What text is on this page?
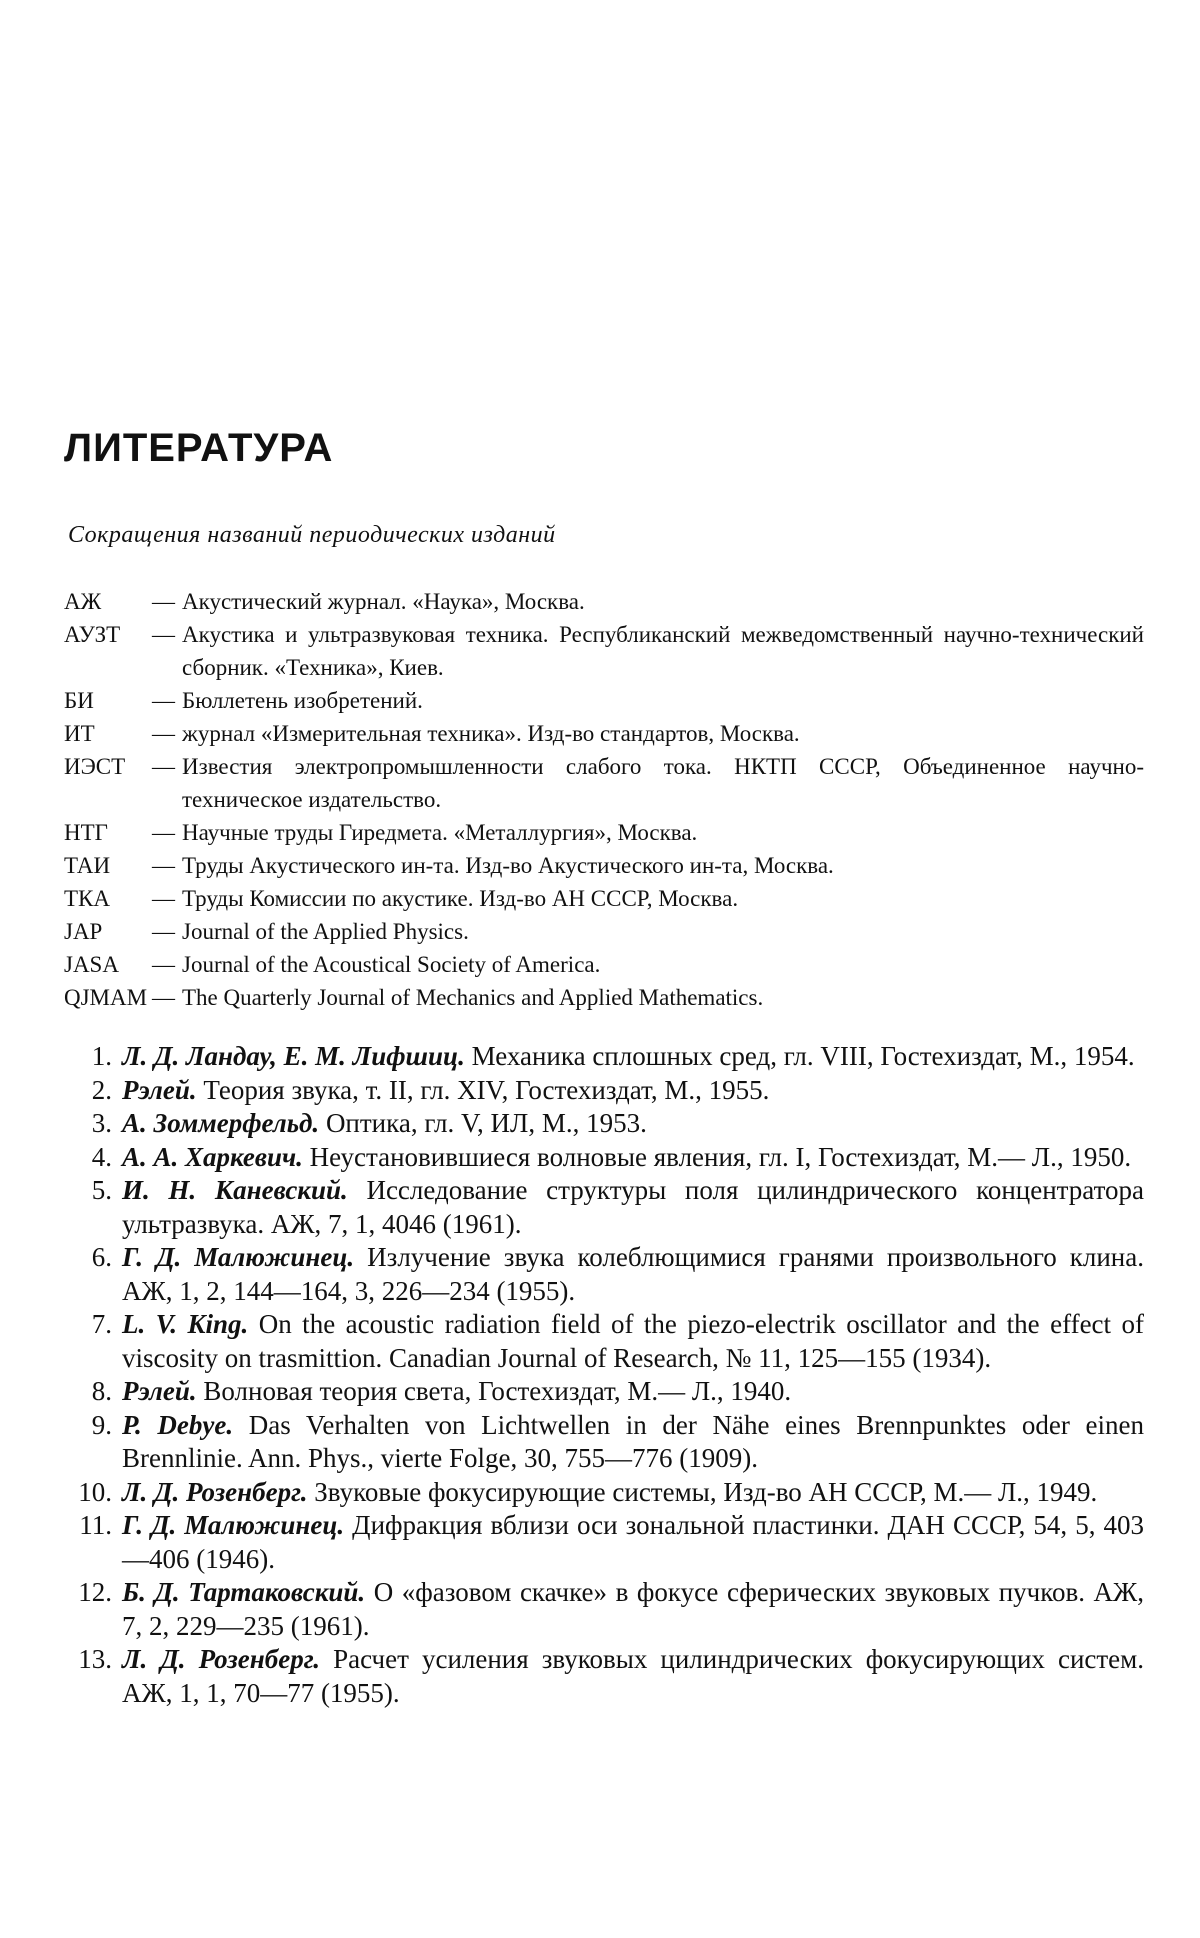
ЛИТЕРАТУРА

Сокращения названий периодических изданий

АЖ	— Акустический журнал. «Наука», Москва.
АУЗТ	— Акустика и ультразвуковая техника. Республиканский межведомственный научно-технический сборник. «Техника», Киев.
БИ	— Бюллетень изобретений.
ИТ	— журнал «Измерительная техника». Изд-во стандартов, Москва.
ИЭСТ	— Известия электропромышленности слабого тока. НКТП СССР, Объединенное научно-техническое издательство.
НТГ	— Научные труды Гиредмета. «Металлургия», Москва.
ТАИ	— Труды Акустического ин-та. Изд-во Акустического ин-та, Москва.
ТКА	— Труды Комиссии по акустике. Изд-во АН СССР, Москва.
JAP	— Journal of the Applied Physics.
JASA	— Journal of the Acoustical Society of America.
QJMAM — The Quarterly Journal of Mechanics and Applied Mathematics.
1. Л. Д. Ландау, Е. М. Лифшиц. Механика сплошных сред, гл. VIII, Гостехиздат, М., 1954.
2. Рэлей. Теория звука, т. II, гл. XIV, Гостехиздат, М., 1955.
3. А. Зоммерфельд. Оптика, гл. V, ИЛ, М., 1953.
4. А. А. Харкевич. Неустановившиеся волновые явления, гл. I, Гостехиздат, М.— Л., 1950.
5. И. Н. Каневский. Исследование структуры поля цилиндрического концентратора ультразвука. АЖ, 7, 1, 4046 (1961).
6. Г. Д. Малюжинец. Излучение звука колеблющимися гранями произвольного клина. АЖ, 1, 2, 144—164, 3, 226—234 (1955).
7. L. V. King. On the acoustic radiation field of the piezo-electrik oscillator and the effect of viscosity on trasmittion. Canadian Journal of Research, № 11, 125—155 (1934).
8. Рэлей. Волновая теория света, Гостехиздат, М.— Л., 1940.
9. P. Debye. Das Verhalten von Lichtwellen in der Nähe eines Brennpunktes oder einen Brennlinie. Ann. Phys., vierte Folge, 30, 755—776 (1909).
10. Л. Д. Розенберг. Звуковые фокусирующие системы, Изд-во АН СССР, М.— Л., 1949.
11. Г. Д. Малюжинец. Дифракция вблизи оси зональной пластинки. ДАН СССР, 54, 5, 403—406 (1946).
12. Б. Д. Тартаковский. О «фазовом скачке» в фокусе сферических звуковых пучков. АЖ, 7, 2, 229—235 (1961).
13. Л. Д. Розенберг. Расчет усиления звуковых цилиндрических фокусирующих систем. АЖ, 1, 1, 70—77 (1955).
